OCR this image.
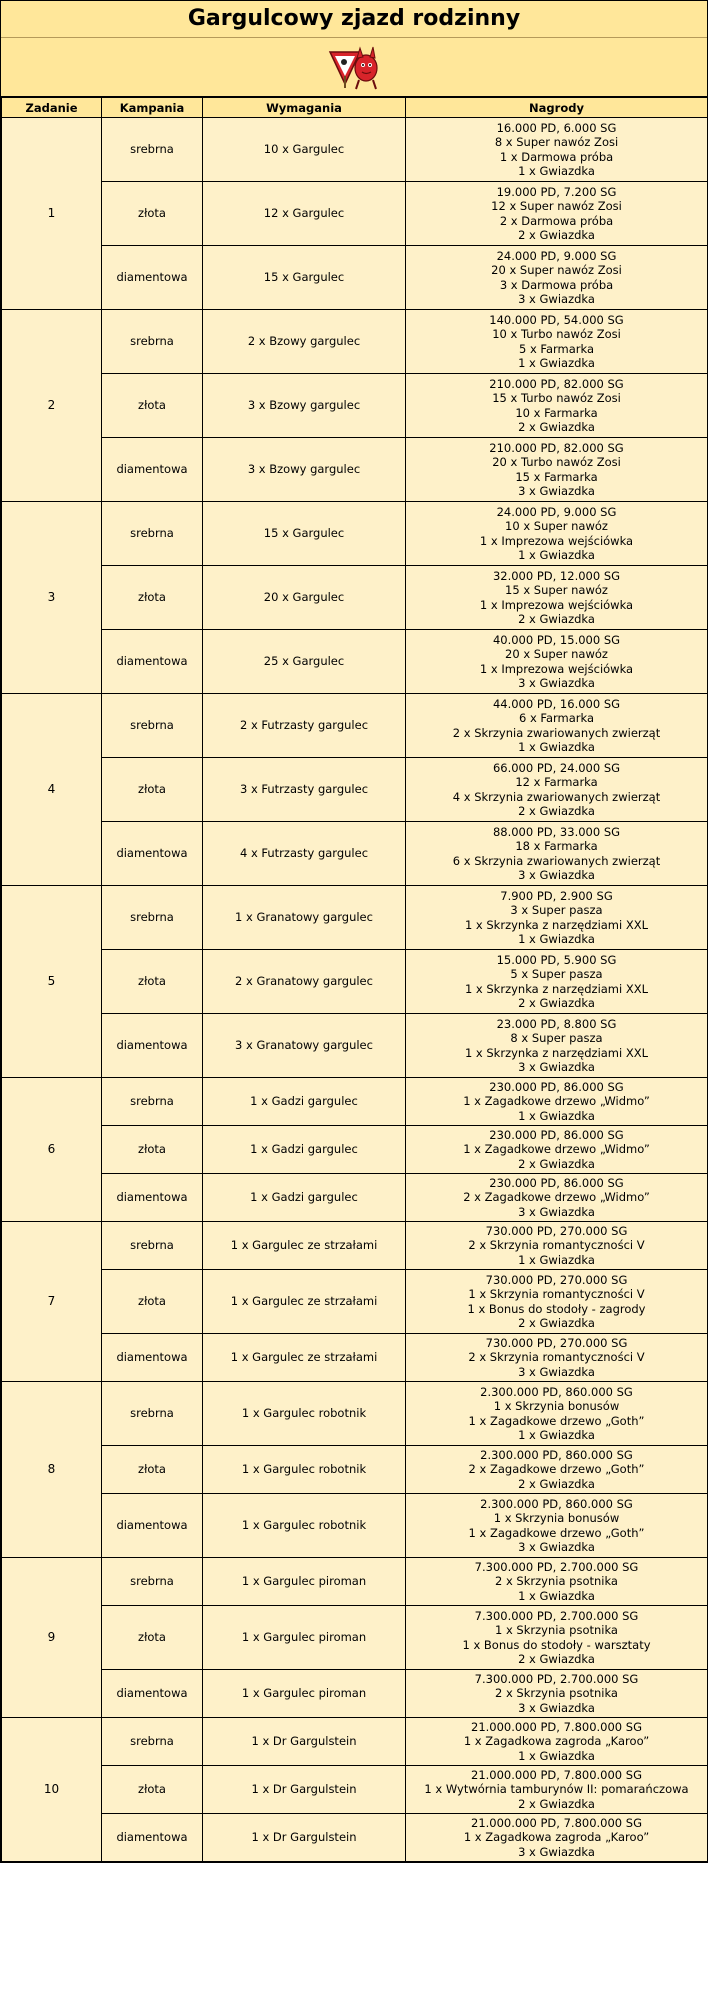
Gargulcowy zjazd rodzinny
Zadanie	Kampania	Wymagania	Nagrody
1	srebrna	10 x Gargulec	16.000 PD, 6.000 SG
8 x Super nawóz Zosi
1 x Darmowa próba
1 x Gwiazdka

	złota	12 x Gargulec	19.000 PD, 7.200 SG
12 x Super nawóz Zosi
2 x Darmowa próba
2 x Gwiazdka

	diamentowa	15 x Gargulec	24.000 PD, 9.000 SG
20 x Super nawóz Zosi
3 x Darmowa próba
3 x Gwiazdka

2	srebrna	2 x Bzowy gargulec	140.000 PD, 54.000 SG
10 x Turbo nawóz Zosi
5 x Farmarka
1 x Gwiazdka

	złota	3 x Bzowy gargulec	210.000 PD, 82.000 SG
15 x Turbo nawóz Zosi
10 x Farmarka
2 x Gwiazdka

	diamentowa	3 x Bzowy gargulec	210.000 PD, 82.000 SG
20 x Turbo nawóz Zosi
15 x Farmarka
3 x Gwiazdka

3	srebrna	15 x Gargulec	24.000 PD, 9.000 SG
10 x Super nawóz
1 x Imprezowa wejściówka
1 x Gwiazdka

	złota	20 x Gargulec	32.000 PD, 12.000 SG
15 x Super nawóz
1 x Imprezowa wejściówka
2 x Gwiazdka

	diamentowa	25 x Gargulec	40.000 PD, 15.000 SG
20 x Super nawóz
1 x Imprezowa wejściówka
3 x Gwiazdka

4	srebrna	2 x Futrzasty gargulec	44.000 PD, 16.000 SG
6 x Farmarka
2 x Skrzynia zwariowanych zwierząt
1 x Gwiazdka

	złota	3 x Futrzasty gargulec	66.000 PD, 24.000 SG
12 x Farmarka
4 x Skrzynia zwariowanych zwierząt
2 x Gwiazdka

	diamentowa	4 x Futrzasty gargulec	88.000 PD, 33.000 SG
18 x Farmarka
6 x Skrzynia zwariowanych zwierząt
3 x Gwiazdka

5	srebrna	1 x Granatowy gargulec	7.900 PD, 2.900 SG
3 x Super pasza
1 x Skrzynka z narzędziami XXL
1 x Gwiazdka

	złota	2 x Granatowy gargulec	15.000 PD, 5.900 SG
5 x Super pasza
1 x Skrzynka z narzędziami XXL
2 x Gwiazdka

	diamentowa	3 x Granatowy gargulec	23.000 PD, 8.800 SG
8 x Super pasza
1 x Skrzynka z narzędziami XXL
3 x Gwiazdka

6	srebrna	1 x Gadzi gargulec	230.000 PD, 86.000 SG
1 x Zagadkowe drzewo „Widmo”
1 x Gwiazdka

	złota	1 x Gadzi gargulec	230.000 PD, 86.000 SG
1 x Zagadkowe drzewo „Widmo”
2 x Gwiazdka

	diamentowa	1 x Gadzi gargulec	230.000 PD, 86.000 SG
2 x Zagadkowe drzewo „Widmo”
3 x Gwiazdka

7	srebrna	1 x Gargulec ze strzałami	730.000 PD, 270.000 SG
2 x Skrzynia romantyczności V
1 x Gwiazdka

	złota	1 x Gargulec ze strzałami	730.000 PD, 270.000 SG
1 x Skrzynia romantyczności V
1 x Bonus do stodoły - zagrody
2 x Gwiazdka

	diamentowa	1 x Gargulec ze strzałami	730.000 PD, 270.000 SG
2 x Skrzynia romantyczności V
3 x Gwiazdka

8	srebrna	1 x Gargulec robotnik	2.300.000 PD, 860.000 SG
1 x Skrzynia bonusów
1 x Zagadkowe drzewo „Goth”
1 x Gwiazdka

	złota	1 x Gargulec robotnik	2.300.000 PD, 860.000 SG
2 x Zagadkowe drzewo „Goth”
2 x Gwiazdka

	diamentowa	1 x Gargulec robotnik	2.300.000 PD, 860.000 SG
1 x Skrzynia bonusów
1 x Zagadkowe drzewo „Goth”
3 x Gwiazdka

9	srebrna	1 x Gargulec piroman	7.300.000 PD, 2.700.000 SG
2 x Skrzynia psotnika
1 x Gwiazdka

	złota	1 x Gargulec piroman	7.300.000 PD, 2.700.000 SG
1 x Skrzynia psotnika
1 x Bonus do stodoły - warsztaty
2 x Gwiazdka

	diamentowa	1 x Gargulec piroman	7.300.000 PD, 2.700.000 SG
2 x Skrzynia psotnika
3 x Gwiazdka

10	srebrna	1 x Dr Gargulstein	21.000.000 PD, 7.800.000 SG
1 x Zagadkowa zagroda „Karoo”
1 x Gwiazdka

	złota	1 x Dr Gargulstein	21.000.000 PD, 7.800.000 SG
1 x Wytwórnia tamburynów II: pomarańczowa
2 x Gwiazdka

	diamentowa	1 x Dr Gargulstein	21.000.000 PD, 7.800.000 SG
1 x Zagadkowa zagroda „Karoo”
3 x Gwiazdka
